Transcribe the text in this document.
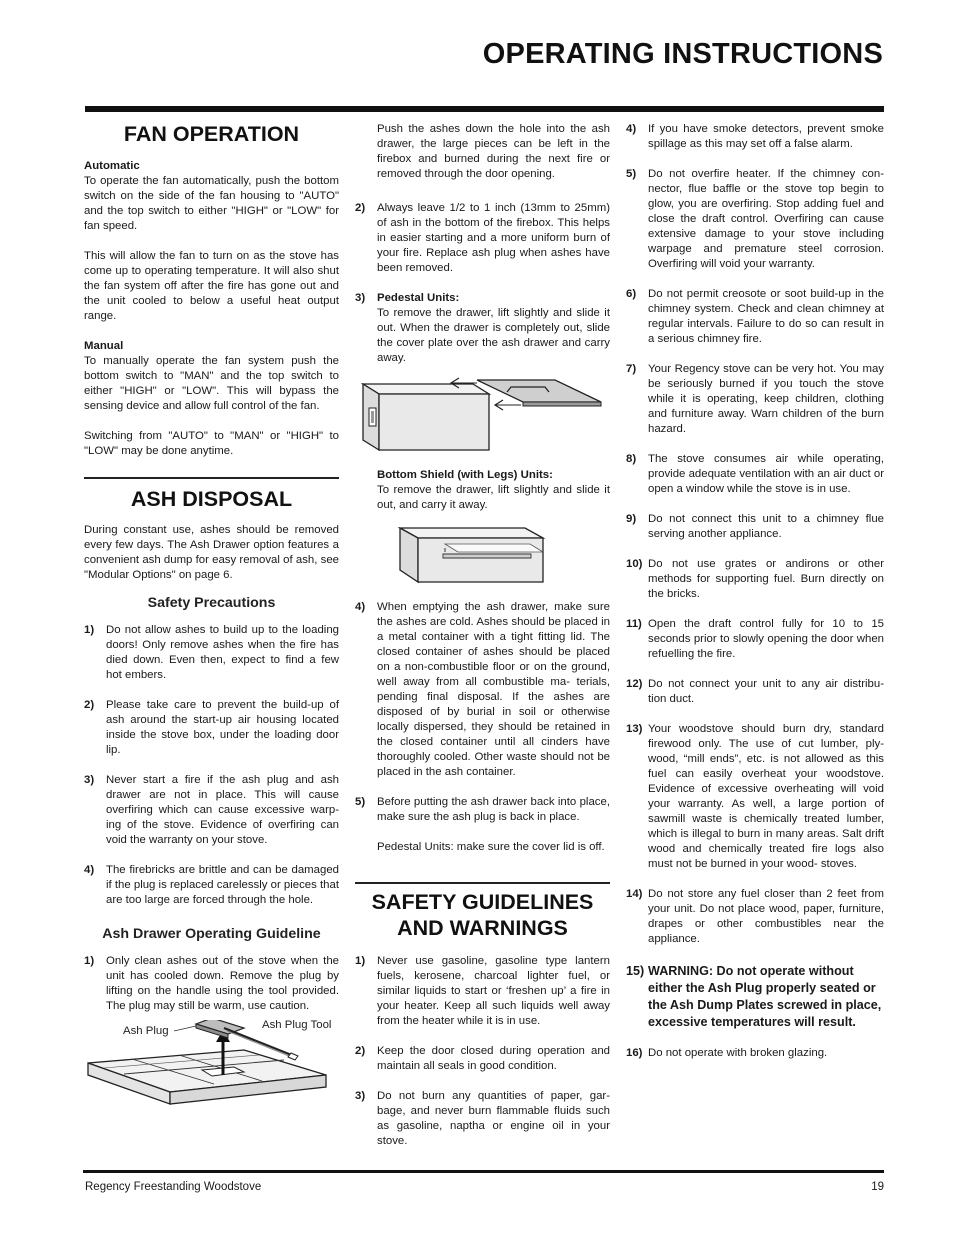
OPERATING INSTRUCTIONS
FAN OPERATION
Automatic

To operate the fan automatically, push the bottom switch on the side of the fan housing to "AUTO" and the top switch to either "HIGH" or "LOW" for fan speed.

This will allow the fan to turn on as the stove has come up to operating temperature. It will also shut the fan system off after the fire has gone out and the unit cooled to below a useful heat output range.

Manual

To manually operate the fan system push the bottom switch to "MAN" and the top switch to either "HIGH" or "LOW". This will bypass the sensing device and allow full control of the fan.

Switching from "AUTO" to "MAN" or "HIGH" to "LOW" may be done anytime.

ASH DISPOSAL

During constant use, ashes should be removed every few days. The Ash Drawer option features a convenient ash dump for easy removal of ash, see "Modular Options" on page 6.

Safety Precautions
1)	Do not allow ashes to build up to the loading doors! Only remove ashes when the fire has died down. Even then, expect to find a few hot embers.
2)	Please take care to prevent the build-up of ash around the start-up air housing located inside the stove box, under the loading door lip.
3)	Never start a fire if the ash plug and ash drawer are not in place. This will cause overfiring which can cause excessive warp- ing of the stove. Evidence of overfiring can void the warranty on your stove.
4)	The firebricks are brittle and can be damaged if the plug is replaced carelessly or pieces that are too large are forced through the hole.
Ash Drawer Operating Guideline
1)	Only clean ashes out of the stove when the unit has cooled down. Remove the plug by lifting on the handle using the tool provided. The plug may still be warm, use caution.
Ash Plug	Ash Plug Tool

Push the ashes down the hole into the ash drawer, the large pieces can be left in the firebox and burned during the next fire or removed through the door opening.

2)	Always leave 1/2 to 1 inch (13mm to 25mm) of ash in the bottom of the firebox. This helps in easier starting and a more uniform burn of your fire. Replace ash plug when ashes have been removed.
3)	Pedestal Units:
To remove the drawer, lift slightly and slide it out. When the drawer is completely out, slide the cover plate over the ash drawer and carry away.
Bottom Shield (with Legs) Units:

To remove the drawer, lift slightly and slide it out, and carry it away.

4)	When emptying the ash drawer, make sure the ashes are cold. Ashes should be placed in a metal container with a tight fitting lid. The closed container of ashes should be placed on a non-combustible floor or on the ground, well away from all combustible ma- terials, pending final disposal. If the ashes are disposed of by burial in soil or otherwise locally dispersed, they should be retained in the closed container until all cinders have thoroughly cooled. Other waste should not be placed in the ash container.
5)	Before putting the ash drawer back into place, make sure the ash plug is back in place.
Pedestal Units: make sure the cover lid is off.
SAFETY GUIDELINES
AND WARNINGS
1)	Never use gasoline, gasoline type lantern fuels, kerosene, charcoal lighter fuel, or similar liquids to start or ‘freshen up’ a fire in your heater. Keep all such liquids well away from the heater while it is in use.
2)	Keep the door closed during operation and maintain all seals in good condition.
3)	Do not burn any quantities of paper, gar- bage, and never burn flammable fluids such as gasoline, naptha or engine oil in your stove.
4)	If you have smoke detectors, prevent smoke spillage as this may set off a false alarm.
5)	Do not overfire heater. If the chimney con- nector, flue baffle or the stove top begin to glow, you are overfiring. Stop adding fuel and close the draft control. Overfiring can cause extensive damage to your stove including warpage and premature steel corrosion. Overfiring will void your warranty.
6)	Do not permit creosote or soot build-up in the chimney system. Check and clean chimney at regular intervals. Failure to do so can result in a serious chimney fire.
7)	Your Regency stove can be very hot. You may be seriously burned if you touch the stove while it is operating, keep children, clothing and furniture away. Warn children of the burn hazard.
8)	The stove consumes air while operating, provide adequate ventilation with an air duct or open a window while the stove is in use.
9)	Do not connect this unit to a chimney flue serving another appliance.
10) Do not use grates or andirons or other methods for supporting fuel. Burn directly on the bricks.
11) Open the draft control fully for 10 to 15 seconds prior to slowly opening the door when refuelling the fire.
12) Do not connect your unit to any air distribu- tion duct.
13) Your woodstove should burn dry, standard firewood only. The use of cut lumber, ply- wood, “mill ends”, etc. is not allowed as this fuel can easily overheat your woodstove. Evidence of excessive overheating will void your warranty. As well, a large portion of sawmill waste is chemically treated lumber, which is illegal to burn in many areas. Salt drift wood and chemically treated fire logs also must not be burned in your wood- stoves.
14) Do not store any fuel closer than 2 feet from your unit. Do not place wood, paper, furniture, drapes or other combustibles near the appliance.
15) WARNING: Do not operate without either the Ash Plug properly seated or the Ash Dump Plates screwed in place, excessive temperatures will result.
16) Do not operate with broken glazing.
Regency Freestanding Woodstove	19
